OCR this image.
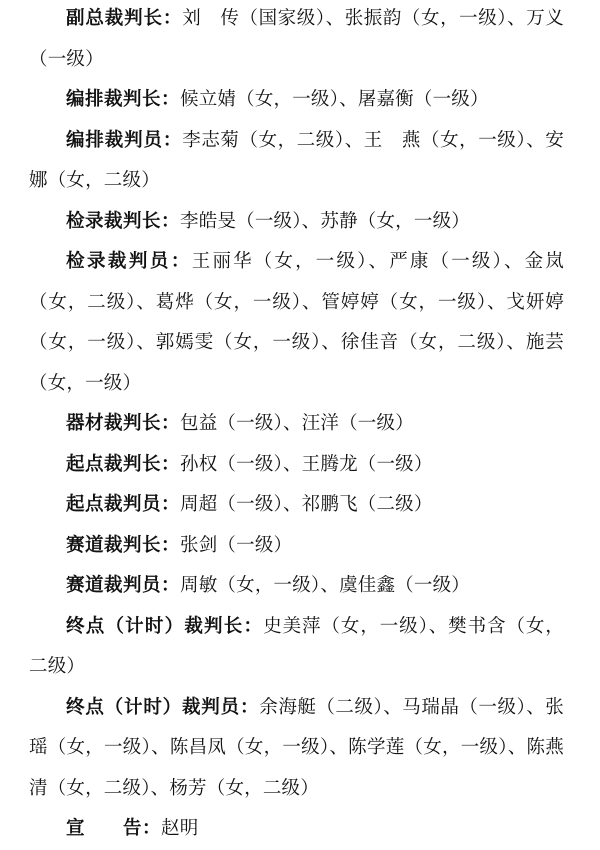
副总裁判长：刘　传（国家级）、张振韵（女，一级）、万义（一级）

编排裁判长：候立婧（女，一级）、屠嘉衡（一级）

编排裁判员：李志菊（女，二级）、王　燕（女，一级）、安娜（女，二级）

检录裁判长：李皓旻（一级）、苏静（女，一级）

检录裁判员：王丽华（女，一级）、严康（一级）、金岚（女，二级）、葛烨（女，一级）、管婷婷（女，一级）、戈妍婷（女，一级）、郭嫣雯（女，一级）、徐佳音（女，二级）、施芸（女，一级）

器材裁判长：包益（一级）、汪洋（一级）

起点裁判长：孙权（一级）、王腾龙（一级）

起点裁判员：周超（一级）、祁鹏飞（二级）

赛道裁判长：张剑（一级）

赛道裁判员：周敏（女，一级）、虞佳鑫（一级）

终点（计时）裁判长：史美萍（女，一级）、樊书含（女，二级）

终点（计时）裁判员：余海艇（二级）、马瑞晶（一级）、张瑶（女，一级）、陈昌凤（女，一级）、陈学莲（女，一级）、陈燕清（女，二级）、杨芳（女，二级）

宣　　告：赵明
